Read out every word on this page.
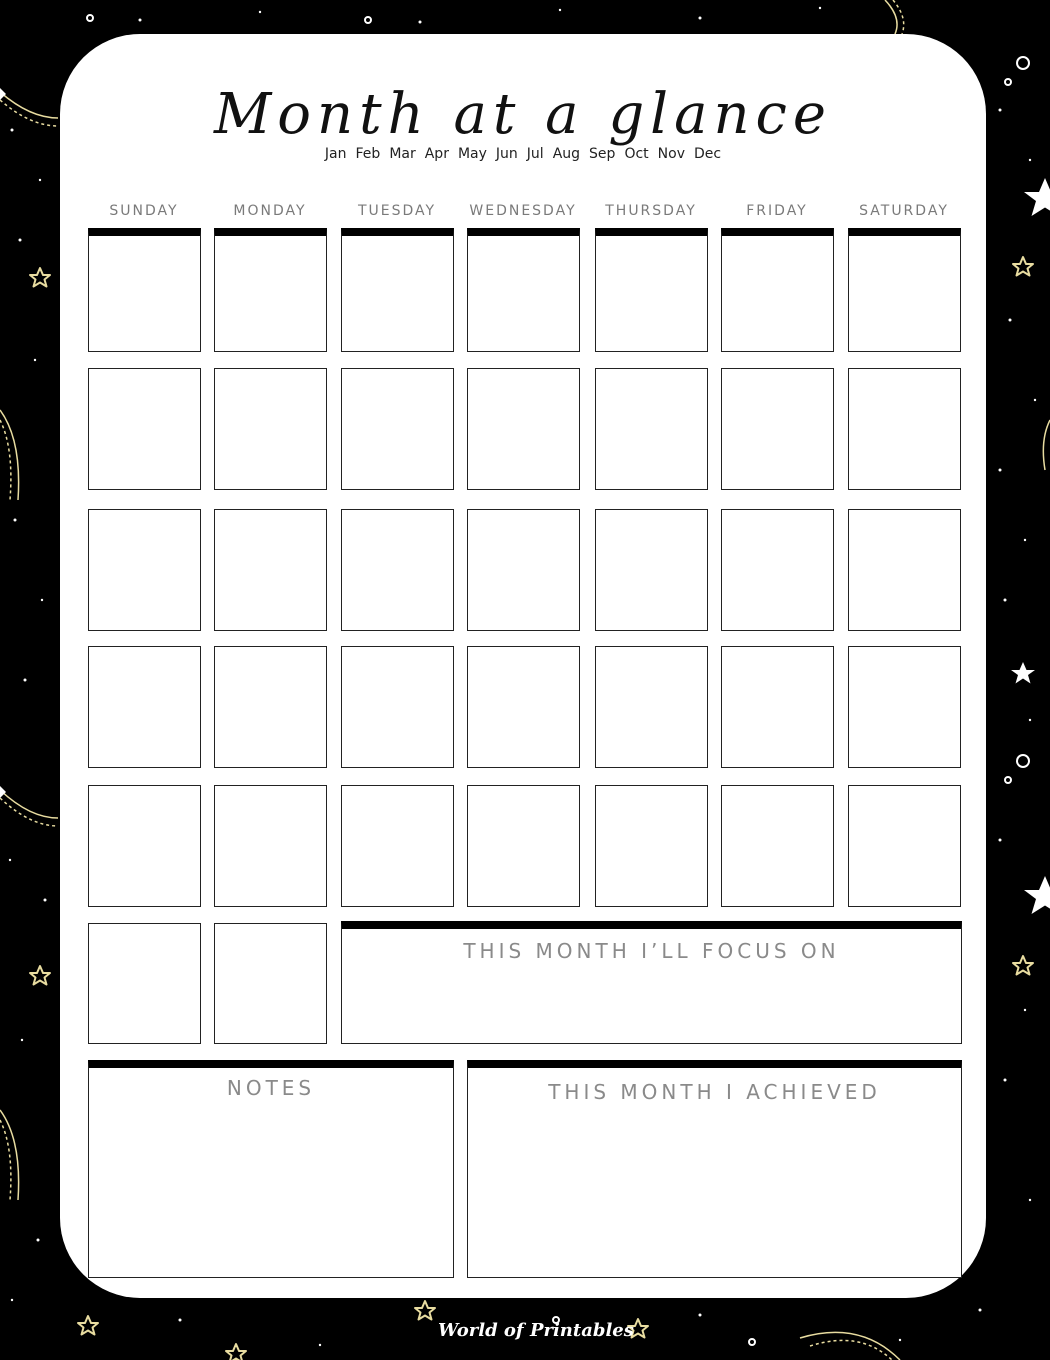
Month at a glance
Jan Feb Mar Apr May Jun Jul Aug Sep Oct Nov Dec
SUNDAY	MONDAY	TUESDAY	WEDNESDAY	THURSDAY	FRIDAY	SATURDAY
THIS MONTH I’LL FOCUS ON
NOTES	THIS MONTH I ACHIEVED
World of Printables
